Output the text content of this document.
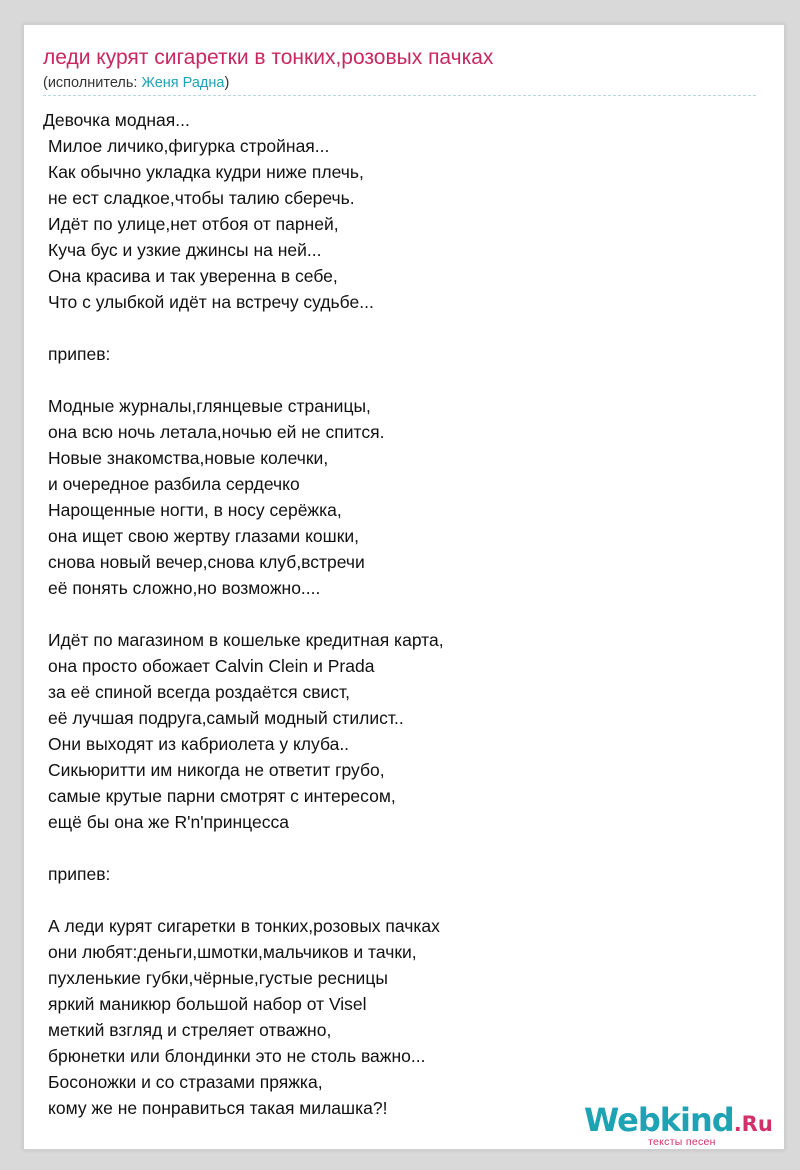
леди курят сигаретки в тонких,розовых пачках
(исполнитель: Женя Радна)
Девочка модная...
Милое личико,фигурка стройная...
Как обычно укладка кудри ниже плечь,
не ест сладкое,чтобы талию сберечь.
Идёт по улице,нет отбоя от парней,
Куча бус и узкие джинсы на ней...
Она красива и так уверенна в себе,
Что с улыбкой идёт на встречу судьбе...
припев:
Модные журналы,глянцевые страницы,
она всю ночь летала,ночью ей не спится.
Новые знакомства,новые колечки,
и очередное разбила сердечко
Нарощенные ногти, в носу серёжка,
она ищет свою жертву глазами кошки,
снова новый вечер,снова клуб,встречи
её понять сложно,но возможно....
Идёт по магазином в кошельке кредитная карта,
она просто обожает Calvin Clein и Prada
за её спиной всегда роздаётся свист,
её лучшая подруга,самый модный стилист..
Они выходят из кабриолета у клуба..
Сикьюритти им никогда не ответит грубо,
самые крутые парни смотрят с интересом,
ещё бы она же R'n'принцесса
припев:
А леди курят сигаретки в тонких,розовых пачках
они любят:деньги,шмотки,мальчиков и тачки,
пухленькие губки,чёрные,густые ресницы
яркий маникюр большой набор от Visel
меткий взгляд и стреляет отважно,
брюнетки или блондинки это не столь важно...
Босоножки и со стразами пряжка,
кому же не понравиться такая милашка?!	Webkind.Ru
тексты песен
